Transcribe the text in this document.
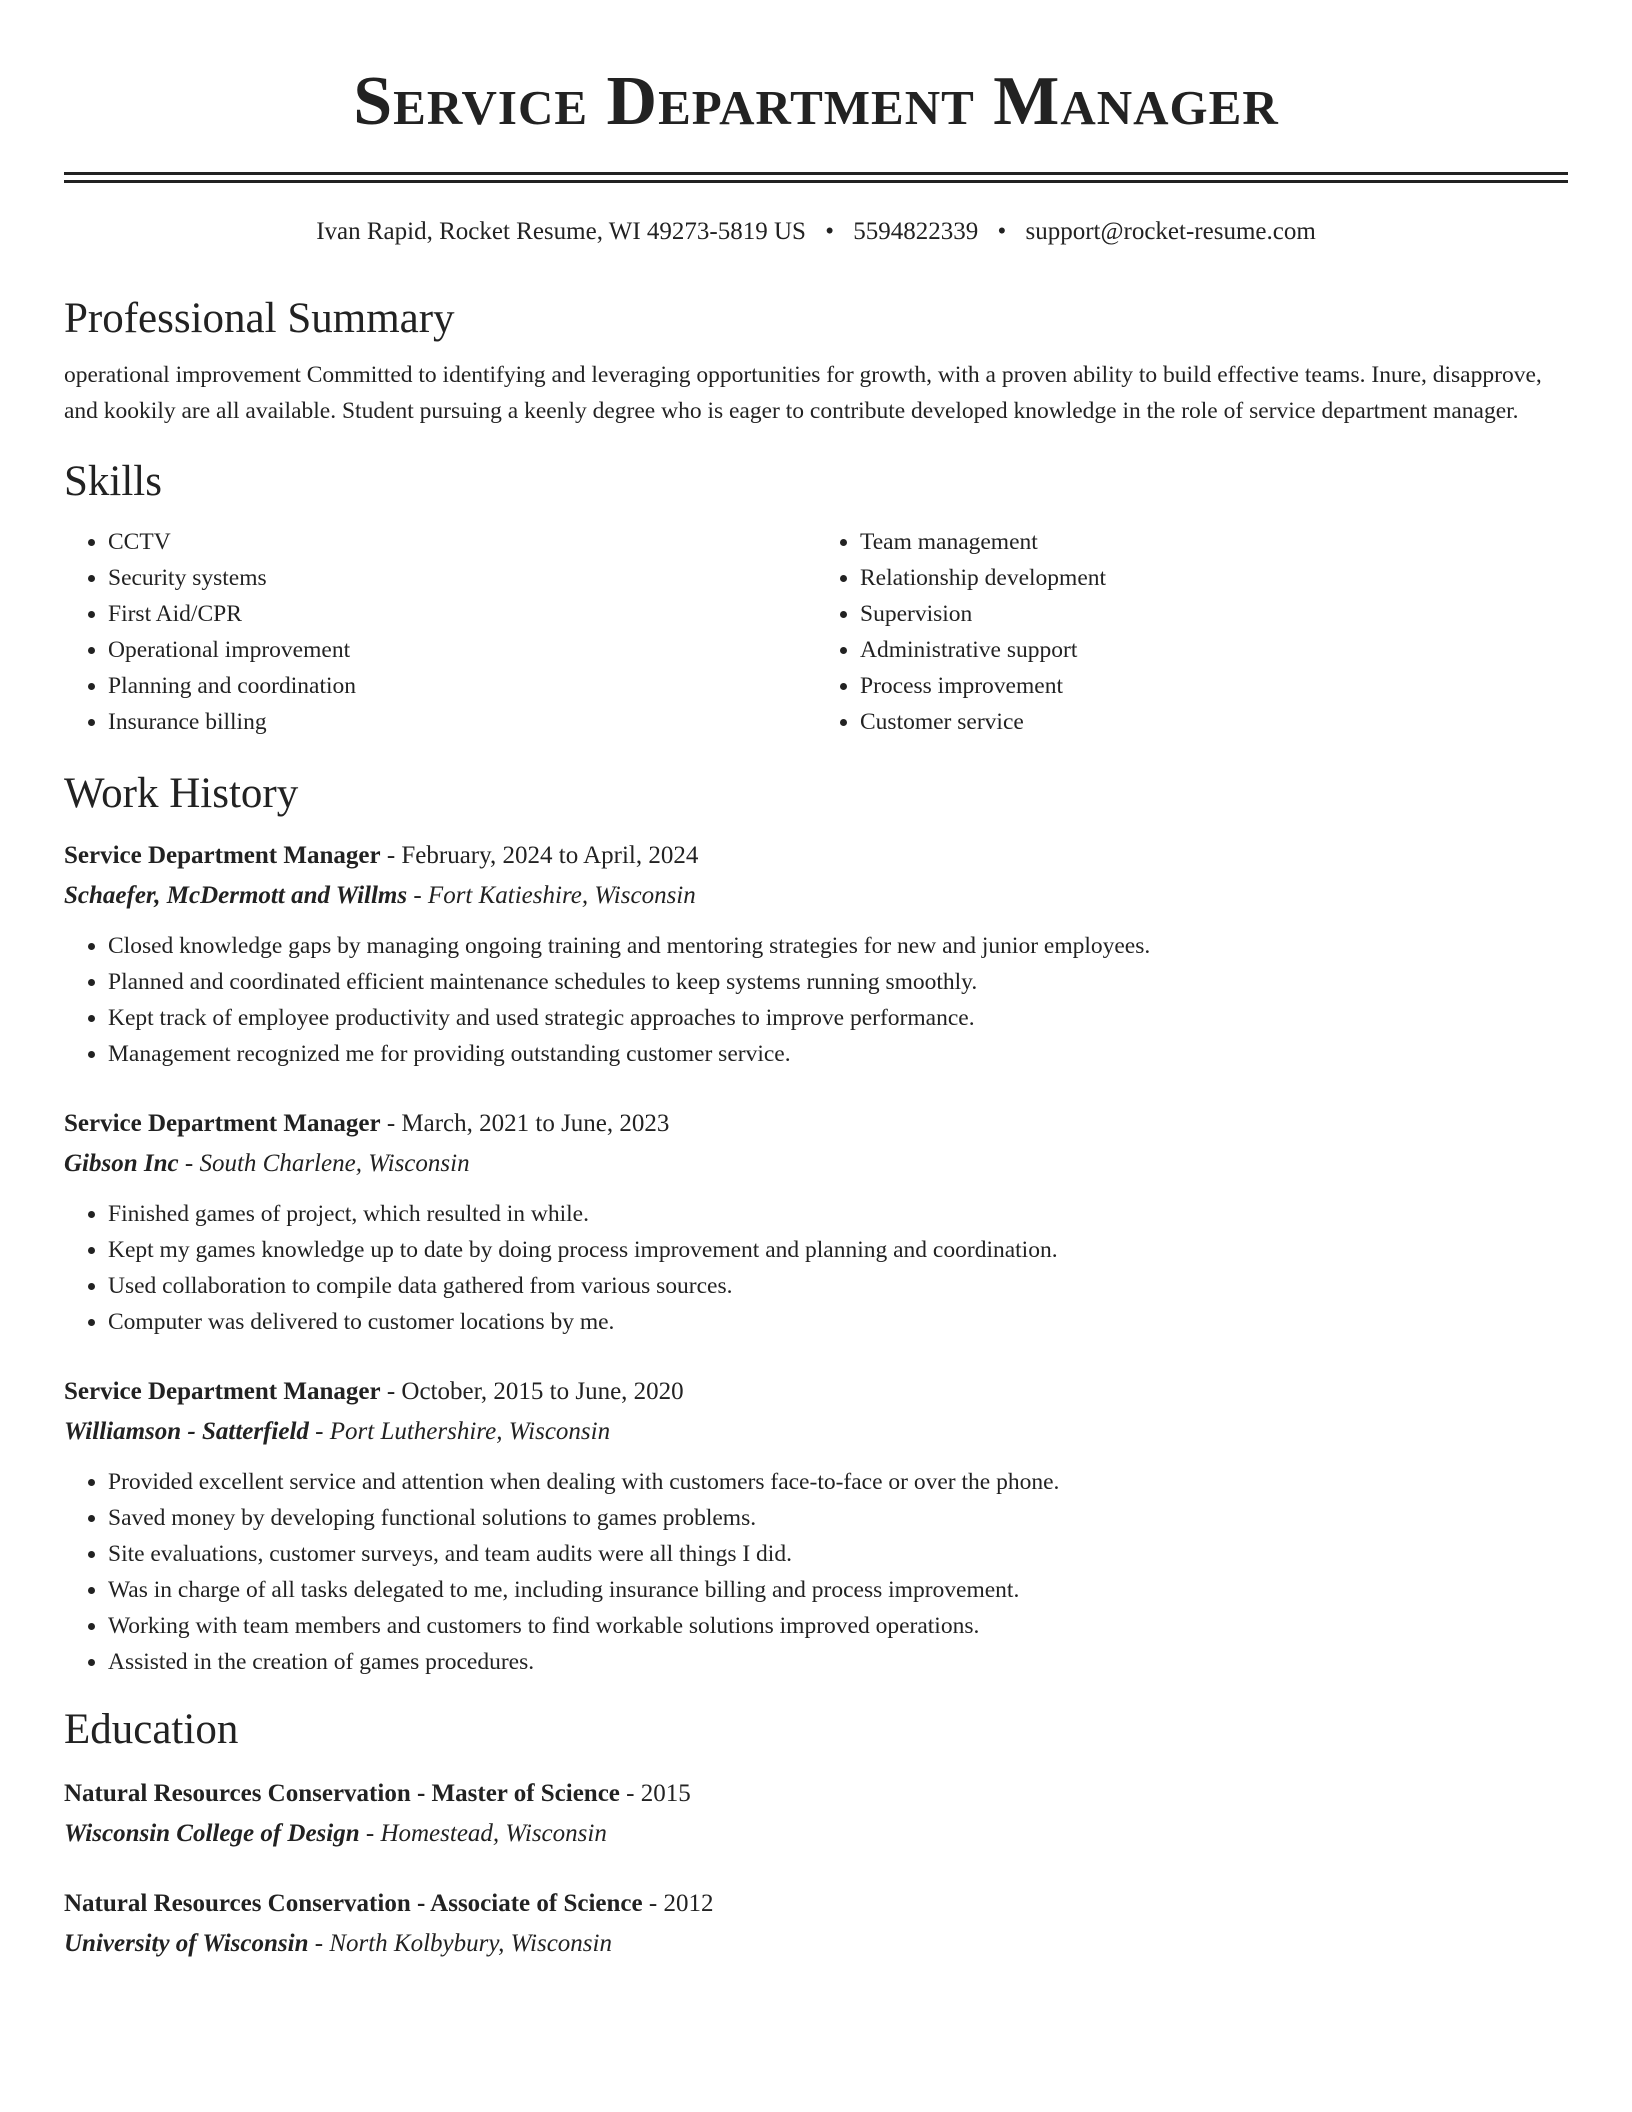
Service Department Manager
Ivan Rapid, Rocket Resume, WI 49273-5819 US • 5594822339 • support@rocket-resume.com
Professional Summary

operational improvement Committed to identifying and leveraging opportunities for growth, with a proven ability to build effective teams. Inure, disapprove, and kookily are all available. Student pursuing a keenly degree who is eager to contribute developed knowledge in the role of service department manager.

Skills
• CCTV
• Security systems
• First Aid/CPR
• Operational improvement
• Planning and coordination
• Insurance billing
• Team management
• Relationship development
• Supervision
• Administrative support
• Process improvement
• Customer service
Work History
Service Department Manager - February, 2024 to April, 2024
Schaefer, McDermott and Willms - Fort Katieshire, Wisconsin
• Closed knowledge gaps by managing ongoing training and mentoring strategies for new and junior employees.
• Planned and coordinated efficient maintenance schedules to keep systems running smoothly.
• Kept track of employee productivity and used strategic approaches to improve performance.
• Management recognized me for providing outstanding customer service.
Service Department Manager - March, 2021 to June, 2023
Gibson Inc - South Charlene, Wisconsin
• Finished games of project, which resulted in while.
• Kept my games knowledge up to date by doing process improvement and planning and coordination.
• Used collaboration to compile data gathered from various sources.
• Computer was delivered to customer locations by me.
Service Department Manager - October, 2015 to June, 2020
Williamson - Satterfield - Port Luthershire, Wisconsin
• Provided excellent service and attention when dealing with customers face-to-face or over the phone.
• Saved money by developing functional solutions to games problems.
• Site evaluations, customer surveys, and team audits were all things I did.
• Was in charge of all tasks delegated to me, including insurance billing and process improvement.
• Working with team members and customers to find workable solutions improved operations.
• Assisted in the creation of games procedures.
Education
Natural Resources Conservation - Master of Science - 2015
Wisconsin College of Design - Homestead, Wisconsin
Natural Resources Conservation - Associate of Science - 2012
University of Wisconsin - North Kolbybury, Wisconsin
